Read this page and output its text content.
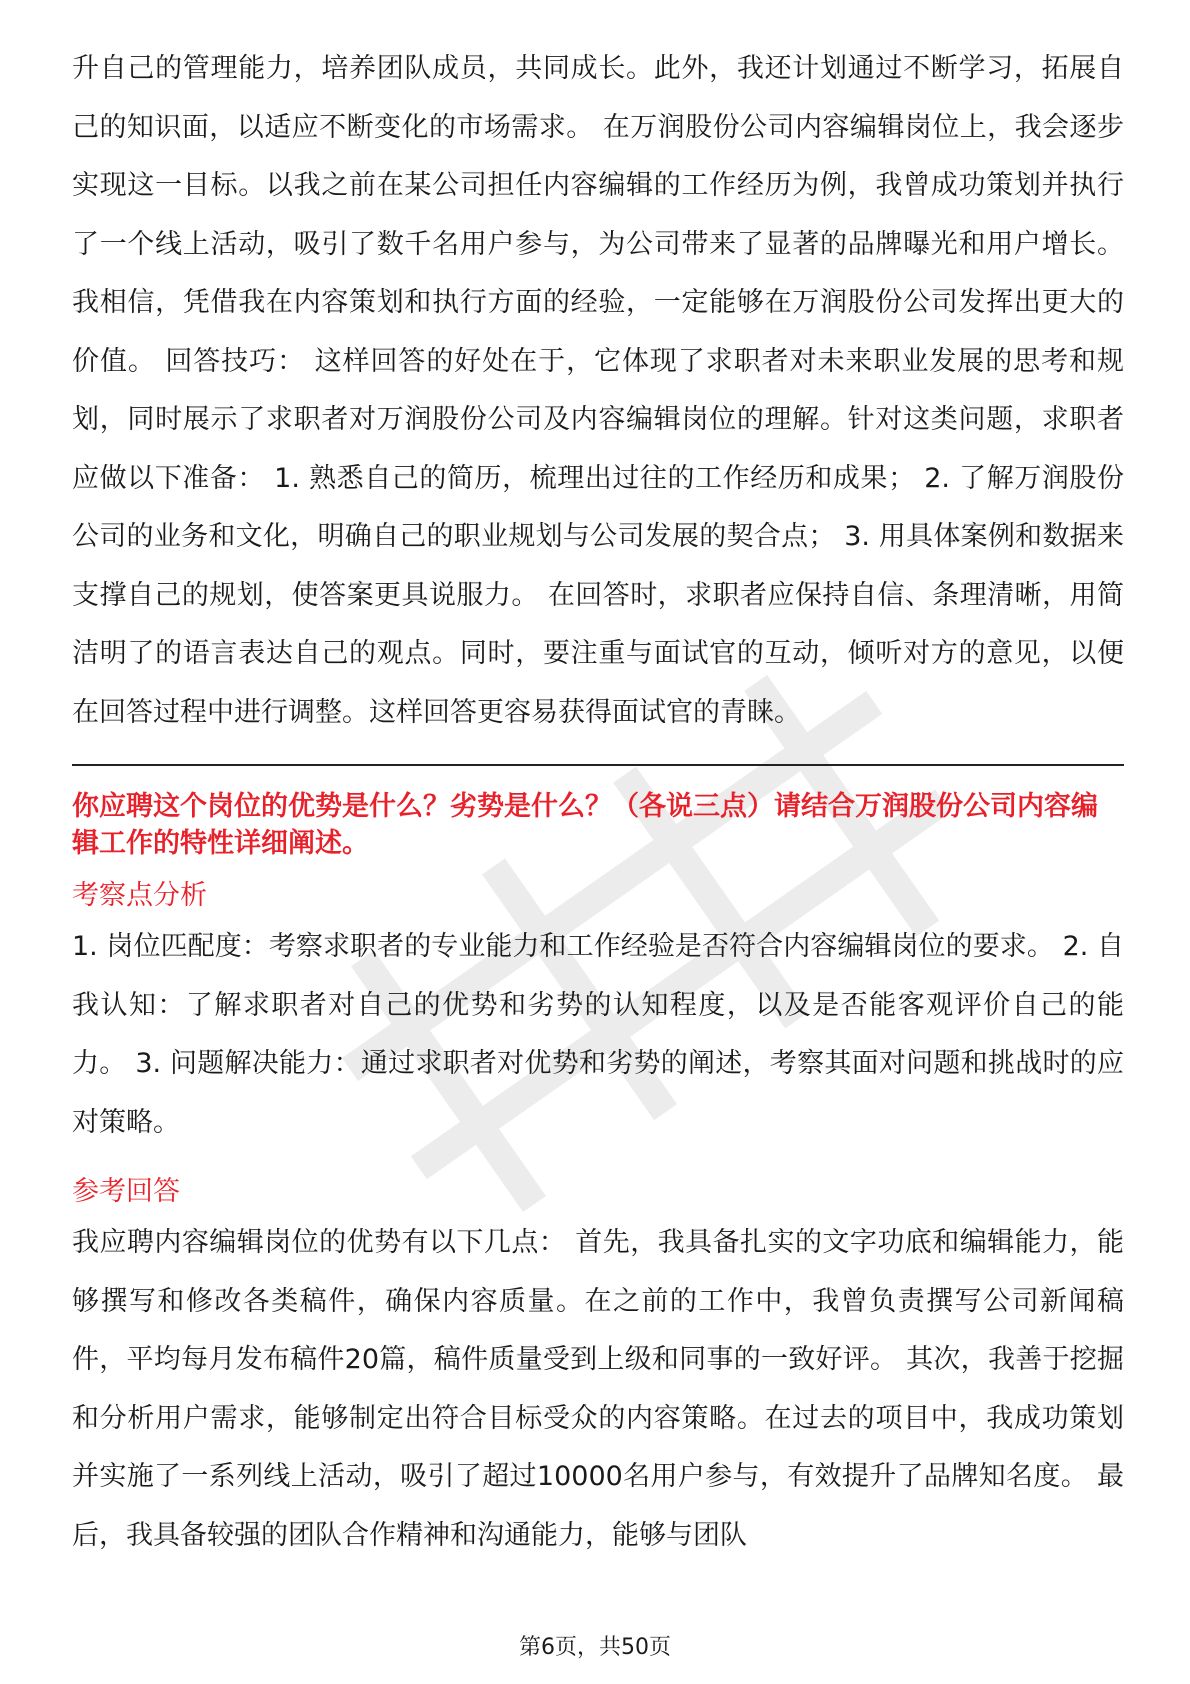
升自己的管理能力，培养团队成员，共同成长。此外，我还计划通过不断学习，拓展自己的知识面，以适应不断变化的市场需求。 在万润股份公司内容编辑岗位上，我会逐步实现这一目标。以我之前在某公司担任内容编辑的工作经历为例，我曾成功策划并执行了一个线上活动，吸引了数千名用户参与，为公司带来了显著的品牌曝光和用户增长。我相信，凭借我在内容策划和执行方面的经验，一定能够在万润股份公司发挥出更大的价值。 回答技巧： 这样回答的好处在于，它体现了求职者对未来职业发展的思考和规划，同时展示了求职者对万润股份公司及内容编辑岗位的理解。针对这类问题，求职者应做以下准备： 1. 熟悉自己的简历，梳理出过往的工作经历和成果； 2. 了解万润股份公司的业务和文化，明确自己的职业规划与公司发展的契合点； 3. 用具体案例和数据来支撑自己的规划，使答案更具说服力。 在回答时，求职者应保持自信、条理清晰，用简洁明了的语言表达自己的观点。同时，要注重与面试官的互动，倾听对方的意见，以便在回答过程中进行调整。这样回答更容易获得面试官的青睐。

你应聘这个岗位的优势是什么？劣势是什么？（各说三点）请结合万润股份公司内容编辑工作的特性详细阐述。

考察点分析

1. 岗位匹配度：考察求职者的专业能力和工作经验是否符合内容编辑岗位的要求。 2. 自我认知：了解求职者对自己的优势和劣势的认知程度，以及是否能客观评价自己的能力。 3. 问题解决能力：通过求职者对优势和劣势的阐述，考察其面对问题和挑战时的应对策略。

参考回答

我应聘内容编辑岗位的优势有以下几点： 首先，我具备扎实的文字功底和编辑能力，能够撰写和修改各类稿件，确保内容质量。在之前的工作中，我曾负责撰写公司新闻稿件，平均每月发布稿件20篇，稿件质量受到上级和同事的一致好评。 其次，我善于挖掘和分析用户需求，能够制定出符合目标受众的内容策略。在过去的项目中，我成功策划并实施了一系列线上活动，吸引了超过10000名用户参与，有效提升了品牌知名度。 最后，我具备较强的团队合作精神和沟通能力，能够与团队

第6页，共50页
